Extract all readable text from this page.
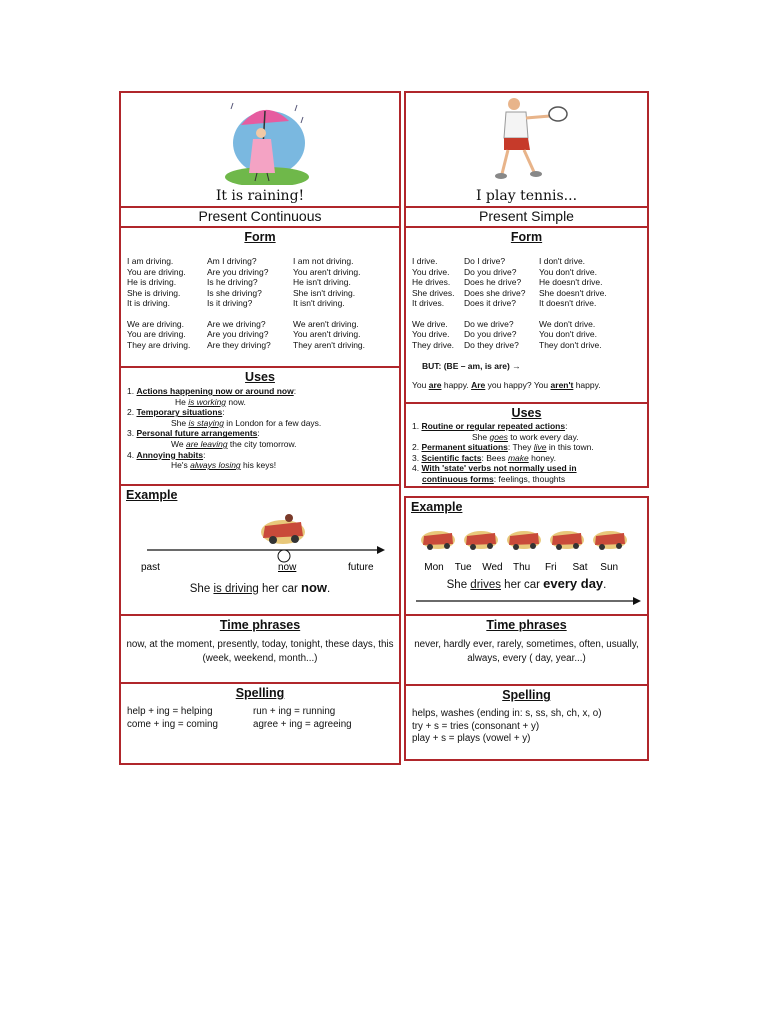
It is raining!
Present Continuous
Form
I am driving.	Am I driving?	I am not driving.
You are driving.	Are you driving?	You aren't driving.
He is driving.	Is he driving?	He isn't driving.
She is driving.	Is she driving?	She isn't driving.
It is driving.	Is it driving?	It isn't driving.
We are driving.	Are we driving?	We aren't driving.
You are driving.	Are you driving?	You aren't driving.
They are driving.	Are they driving?	They aren't driving.
Uses
1. Actions happening now or around now:
He is working now.
2. Temporary situations:
She is staying in London for a few days.
3. Personal future arrangements:
We are leaving the city tomorrow.
4. Annoying habits:
He's always losing his keys!
Example
past	now	future
She is driving her car now.
Time phrases
now, at the moment, presently, today, tonight, these days, this (week, weekend, month...)
Spelling
help + ing = helping	run + ing = running
come + ing = coming	agree + ing = agreeing
I play tennis...
Present Simple
Form
I drive.	Do I drive?	I don't drive.
You drive.	Do you drive?	You don't drive.
He drives.	Does he drive?	He doesn't drive.
She drives.	Does she drive?	She doesn't drive.
It drives.	Does it drive?	It doesn't drive.
We drive.	Do we drive?	We don't drive.
You drive.	Do you drive?	You don't drive.
They drive.	Do they drive?	They don't drive.
BUT: (BE – am, is are) →
You are happy. Are you happy? You aren't happy.
Uses
1. Routine or regular repeated actions:
She goes to work every day.
2. Permanent situations: They live in this town.
3. Scientific facts: Bees make honey.
4. With 'state' verbs not normally used in
continuous forms: feelings, thoughts
Example
Mon Tue Wed Thu Fri Sat Sun
She drives her car every day.
Time phrases
never, hardly ever, rarely, sometimes, often, usually, always, every ( day, year...)
Spelling
helps, washes (ending in: s, ss, sh, ch, x, o)
try + s = tries (consonant + y)
play + s = plays (vowel + y)
